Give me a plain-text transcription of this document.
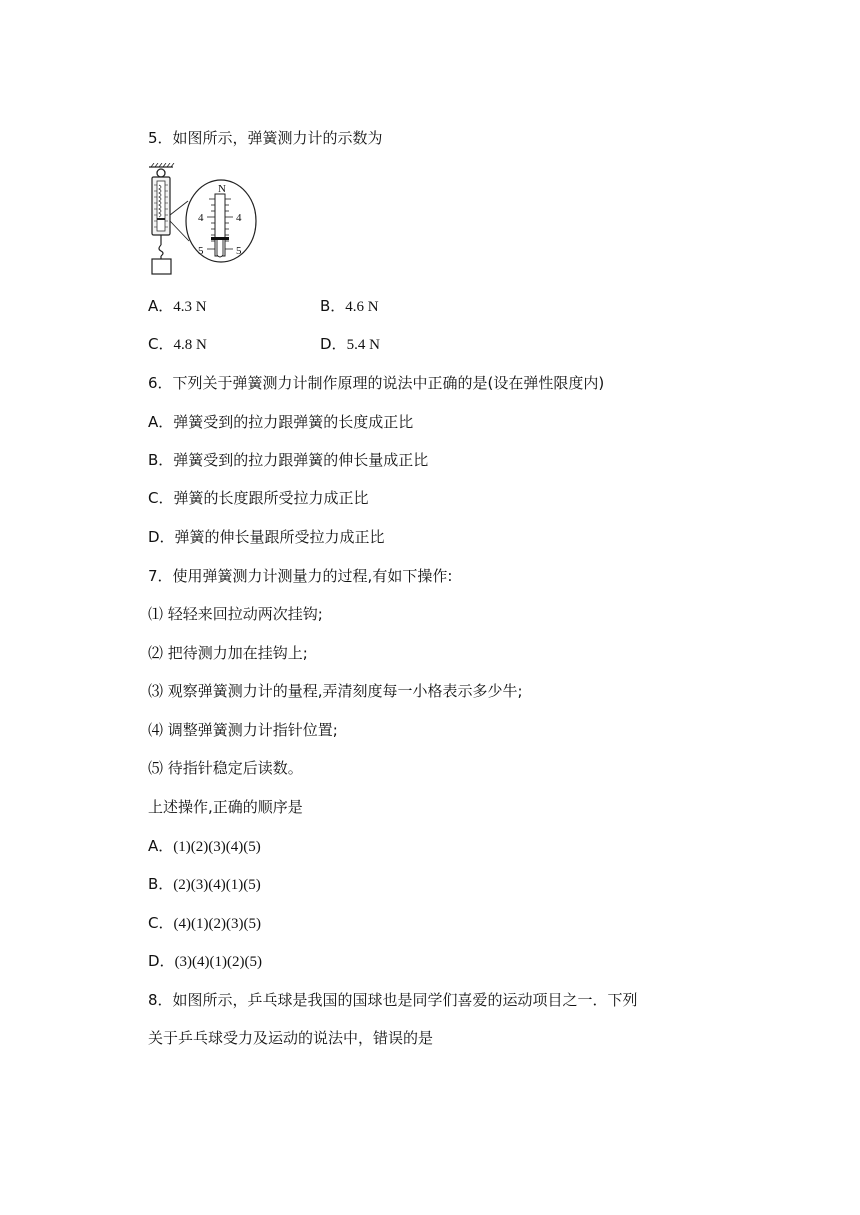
5．如图所示，弹簧测力计的示数为
N
4	4
5	5
A．4.3 N	B．4.6 N
C．4.8 N	D．5.4 N
6．下列关于弹簧测力计制作原理的说法中正确的是(设在弹性限度内)
A．弹簧受到的拉力跟弹簧的长度成正比
B．弹簧受到的拉力跟弹簧的伸长量成正比
C．弹簧的长度跟所受拉力成正比
D．弹簧的伸长量跟所受拉力成正比
7．使用弹簧测力计测量力的过程,有如下操作:
⑴ 轻轻来回拉动两次挂钩;
⑵ 把待测力加在挂钩上;
⑶ 观察弹簧测力计的量程,弄清刻度每一小格表示多少牛;
⑷ 调整弹簧测力计指针位置;
⑸ 待指针稳定后读数。
上述操作,正确的顺序是
A．(1)(2)(3)(4)(5)
B．(2)(3)(4)(1)(5)
C．(4)(1)(2)(3)(5)
D．(3)(4)(1)(2)(5)
8．如图所示，乒乓球是我国的国球也是同学们喜爱的运动项目之一．下列
关于乒乓球受力及运动的说法中，错误的是
